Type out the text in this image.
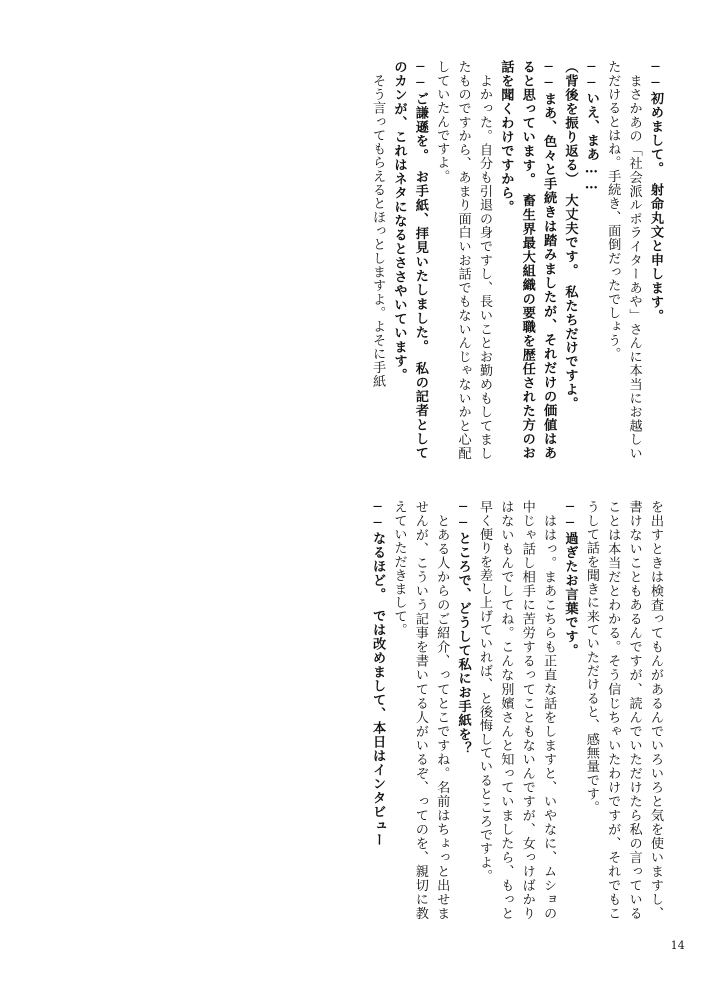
──初めまして。　射命丸文と申します。

　まさかあの「社会派ルポライターあや」さんに本当にお越しいただけるとはね。手続き、面倒だったでしょう。

──いえ、まあ……

（背後を振り返る）　大丈夫です。　私たちだけですよ。

──まあ、色々と手続きは踏みましたが、それだけの価値はあると思っています。　畜生界最大組織の要職を歴任された方のお話を聞くわけですから。

　よかった。自分も引退の身ですし、長いことお勤めもしてましたものですから、あまり面白いお話でもないんじゃないかと心配していたんですよ。

──ご謙遜を。　お手紙、拝見いたしました。　私の記者としてのカンが、これはネタになるとささやいています。

　そう言ってもらえるとほっとしますよ。よそに手紙

を出すときは検査ってもんがあるんでいろいろと気を使いますし、書けないこともあるんですが、読んでいただけたら私の言っていることは本当だとわかる。そう信じちゃいたわけですが、それでもこうして話を聞きに来ていただけると、感無量です。

──過ぎたお言葉です。

　ははっ。まあこちらも正直な話をしますと、いやなに、ムショの中じゃ話し相手に苦労するってこともないんですが、女っけばかりはないもんでしてね。こんな別嬪さんと知っていましたら、もっと早く便りを差し上げていれば、と後悔しているところですよ。

──ところで、どうして私にお手紙を？

　とある人からのご紹介、ってとこですね。名前はちょっと出せませんが、こういう記事を書いてる人がいるぞ、ってのを、親切に教えていただきまして。

──なるほど。　では改めまして、本日はインタビュー

14
